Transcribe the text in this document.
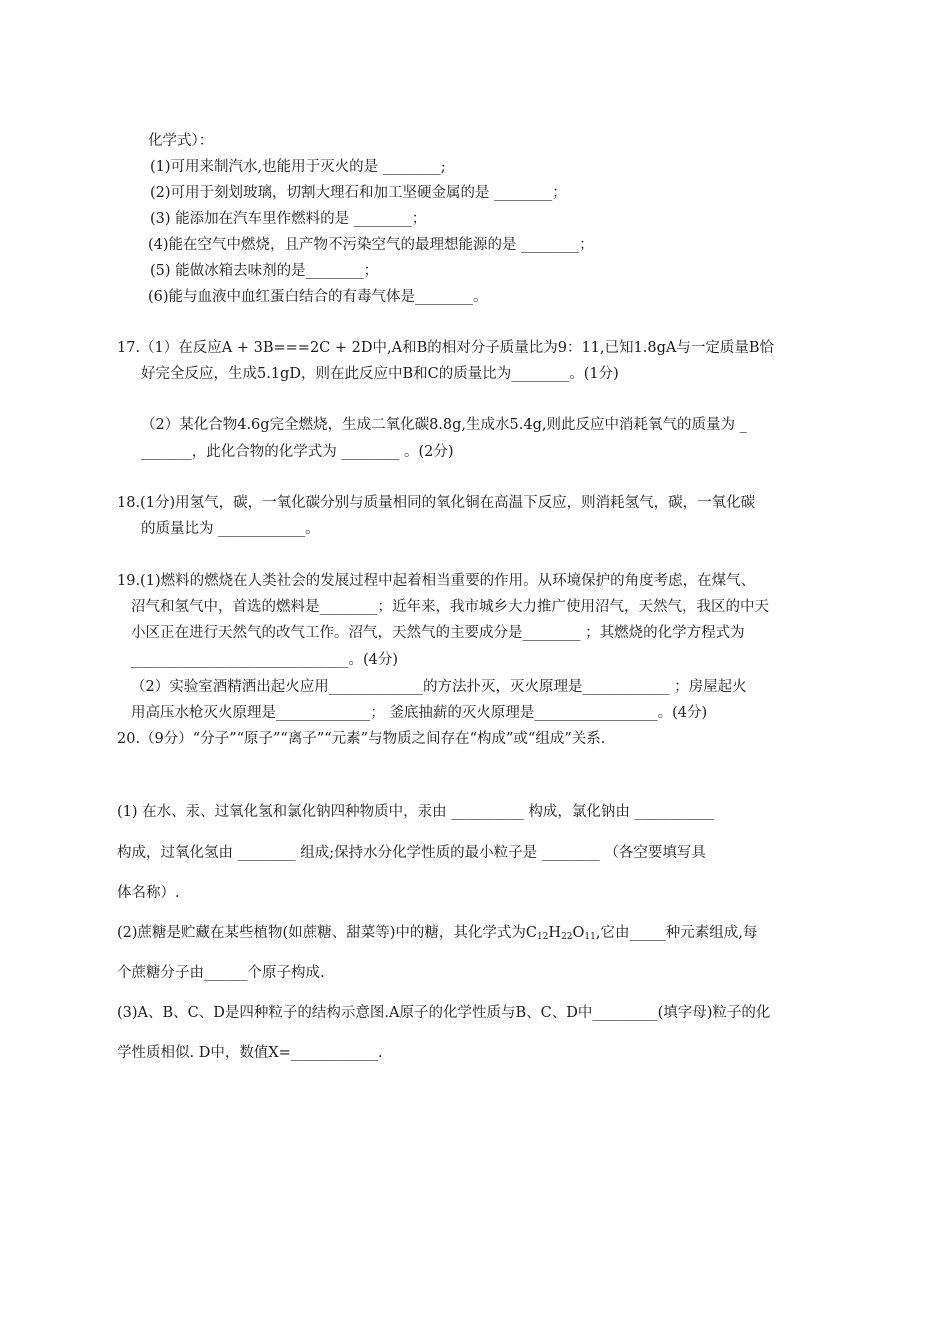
化学式）：
(1)可用来制汽水,也能用于灭火的是 ________;
(2)可用于刻划玻璃，切割大理石和加工坚硬金属的是 ________；
(3) 能添加在汽车里作燃料的是 ________；
(4)能在空气中燃烧，且产物不污染空气的最理想能源的是 ________；
(5) 能做冰箱去味剂的是________；
(6)能与血液中血红蛋白结合的有毒气体是________。
17.（1）在反应A + 3B===2C + 2D中,A和B的相对分子质量比为9：11,已知1.8gA与一定质量B恰
好完全反应，生成5.1gD，则在此反应中B和C的质量比为________。(1分)
（2）某化合物4.6g完全燃烧，生成二氧化碳8.8g,生成水5.4g,则此反应中消耗氧气的质量为 _
_______，此化合物的化学式为 ________ 。(2分)
18.(1分)用氢气，碳，一氧化碳分别与质量相同的氧化铜在高温下反应，则消耗氢气，碳，一氧化碳
的质量比为 ____________。
19.(1)燃料的燃烧在人类社会的发展过程中起着相当重要的作用。从环境保护的角度考虑，在煤气、
沼气和氢气中，首选的燃料是________；近年来，我市城乡大力推广使用沼气，天然气，我区的中天
小区正在进行天然气的改气工作。沼气，天然气的主要成分是________ ；其燃烧的化学方程式为
______________________________。(4分)
（2）实验室酒精洒出起火应用_____________的方法扑灭，灭火原理是____________ ；房屋起火
用高压水枪灭火原理是_____________； 釜底抽薪的灭火原理是_________________。(4分)
20.（9分）“分子”“原子”“离子”“元素”与物质之间存在“构成”或“组成”关系.
(1) 在水、汞、过氧化氢和氯化钠四种物质中，汞由 __________ 构成，氯化钠由 ___________
构成，过氧化氢由 ________ 组成;保持水分化学性质的最小粒子是 ________ （各空要填写具
体名称）.
(2)蔗糖是贮藏在某些植物(如蔗糖、甜菜等)中的糖，其化学式为$C_{12}H_{22}O_{11}$,它由_____种元素组成,每
个蔗糖分子由______个原子构成.
(3)A、B、C、D是四种粒子的结构示意图.A原子的化学性质与B、C、D中_________(填字母)粒子的化
学性质相似. D中，数值X=____________.
